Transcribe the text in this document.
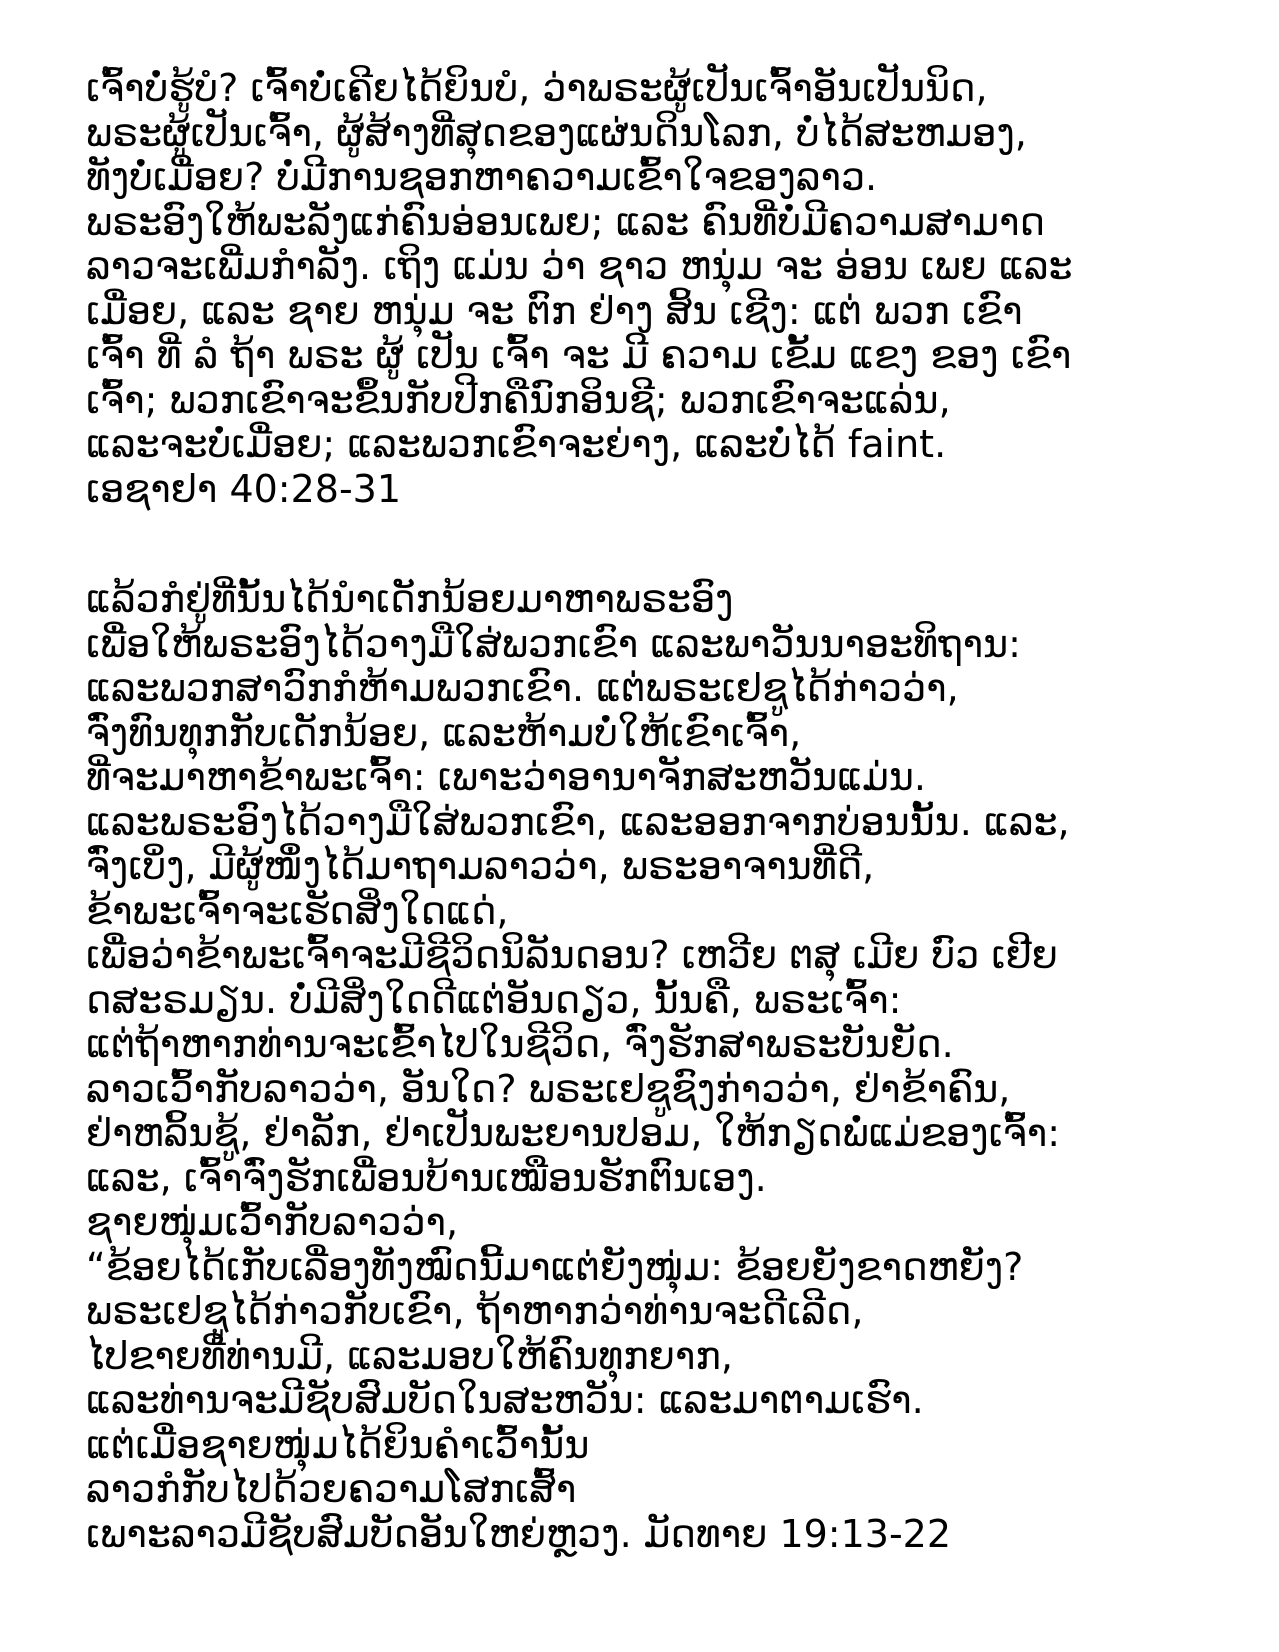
ເຈົ້າບໍ່ຮູ້ບໍ? ເຈົ້າບໍ່ເຄີຍໄດ້ຍິນບໍ, ວ່າພຣະຜູ້ເປັນເຈົ້າອັນເປັນນິດ,
ພຣະຜູ້ເປັນເຈົ້າ, ຜູ້ສ້າງທີ່ສຸດຂອງແຜ່ນດິນໂລກ, ບໍ່ໄດ້ສະຫມອງ,
ທັງບໍ່ເມື່ອຍ? ບໍ່ມີການຊອກຫາຄວາມເຂົ້າໃຈຂອງລາວ.
ພຣະອົງໃຫ້ພະລັງແກ່ຄົນອ່ອນເພຍ; ແລະ ຄົນທີ່ບໍ່ມີຄວາມສາມາດ
ລາວຈະເພີ່ມກໍາລັງ. ເຖິງ ແມ່ນ ວ່າ ຊາວ ຫນຸ່ມ ຈະ ອ່ອນ ເພຍ ແລະ
ເມື່ອຍ, ແລະ ຊາຍ ຫນຸ່ມ ຈະ ຕົກ ຢ່າງ ສິ້ນ ເຊີງ: ແຕ່ ພວກ ເຂົາ
ເຈົ້າ ທີ່ ລໍ ຖ້າ ພຣະ ຜູ້ ເປັນ ເຈົ້າ ຈະ ມີ ຄວາມ ເຂັ້ມ ແຂງ ຂອງ ເຂົາ
ເຈົ້າ; ພວກເຂົາຈະຂຶ້ນກັບປີກຄືນົກອິນຊີ; ພວກເຂົາຈະແລ່ນ,
ແລະຈະບໍ່ເມື່ອຍ; ແລະພວກເຂົາຈະຍ່າງ, ແລະບໍ່ໄດ້ faint.
ເອຊາຢາ 40:28-31
ແລ້ວກໍຢູ່ທີ່ນັ້ນໄດ້ນໍາເດັກນ້ອຍມາຫາພຣະອົງ
ເພື່ອໃຫ້ພຣະອົງໄດ້ວາງມືໃສ່ພວກເຂົາ ແລະພາວັນນາອະທິຖານ:
ແລະພວກສາວົກກໍຫ້າມພວກເຂົາ. ແຕ່ພຣະເຢຊູໄດ້ກ່າວວ່າ,
ຈົ່ງທົນທຸກກັບເດັກນ້ອຍ, ແລະຫ້າມບໍ່ໃຫ້ເຂົາເຈົ້າ,
ທີ່ຈະມາຫາຂ້າພະເຈົ້າ: ເພາະວ່າອານາຈັກສະຫວັນແມ່ນ.
ແລະພຣະອົງໄດ້ວາງມືໃສ່ພວກເຂົາ, ແລະອອກຈາກບ່ອນນັ້ນ. ແລະ,
ຈົ່ງເບິ່ງ, ມີຜູ້ໜຶ່ງໄດ້ມາຖາມລາວວ່າ, ພຣະອາຈານທີ່ດີ,
ຂ້າພະເຈົ້າຈະເຮັດສິ່ງໃດແດ່,
ເພື່ອວ່າຂ້າພະເຈົ້າຈະມີຊີວິດນິລັນດອນ? ເຫວີຍ ຕສຸ ເມີຍ ບົວ ເຢີຍ
ດສະຣມຽນ. ບໍ່ມີສິ່ງໃດດີແຕ່ອັນດຽວ, ນັ້ນຄື, ພຣະເຈົ້າ:
ແຕ່ຖ້າຫາກທ່ານຈະເຂົ້າໄປໃນຊີວິດ, ຈົ່ງຮັກສາພຣະບັນຍັດ.
ລາວເວົ້າກັບລາວວ່າ, ອັນໃດ? ພຣະເຢຊູຊົງກ່າວວ່າ, ຢ່າຂ້າຄົນ,
ຢ່າຫລິ້ນຊູ້, ຢ່າລັກ, ຢ່າເປັນພະຍານປອມ, ໃຫ້ກຽດພໍ່ແມ່ຂອງເຈົ້າ:
ແລະ, ເຈົ້າຈົ່ງຮັກເພື່ອນບ້ານເໝືອນຮັກຕົນເອງ.
ຊາຍໜຸ່ມເວົ້າກັບລາວວ່າ,
“ຂ້ອຍໄດ້ເກັບເລື່ອງທັງໝົດນີ້ມາແຕ່ຍັງໜຸ່ມ: ຂ້ອຍຍັງຂາດຫຍັງ?
ພຣະເຢຊູໄດ້ກ່າວກັບເຂົາ, ຖ້າຫາກວ່າທ່ານຈະດີເລີດ,
ໄປຂາຍທີ່ທ່ານມີ, ແລະມອບໃຫ້ຄົນທຸກຍາກ,
ແລະທ່ານຈະມີຊັບສົມບັດໃນສະຫວັນ: ແລະມາຕາມເຮົາ.
ແຕ່ເມື່ອຊາຍໜຸ່ມໄດ້ຍິນຄໍາເວົ້ານັ້ນ
ລາວກໍກັບໄປດ້ວຍຄວາມໂສກເສົ້າ
ເພາະລາວມີຊັບສົມບັດອັນໃຫຍ່ຫຼວງ. ມັດທາຍ 19:13-22
